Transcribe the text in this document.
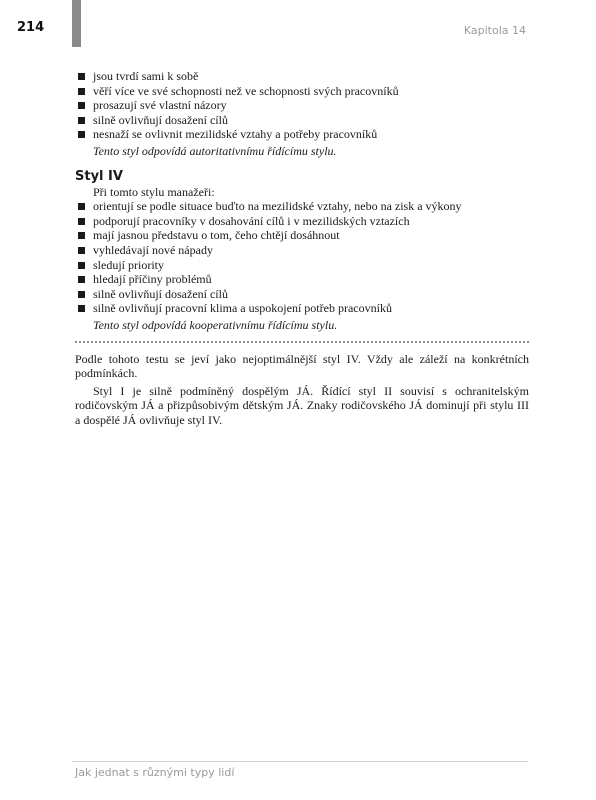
214	Kapitola 14
jsou tvrdí sami k sobě
věří více ve své schopnosti než ve schopnosti svých pracovníků
prosazují své vlastní názory
silně ovlivňují dosažení cílů
nesnaží se ovlivnit mezilidské vztahy a potřeby pracovníků
Tento styl odpovídá autoritativnímu řídícímu stylu.
Styl IV
Při tomto stylu manažeři:
orientují se podle situace buďto na mezilidské vztahy, nebo na zisk a výkony
podporují pracovníky v dosahování cílů i v mezilidských vztazích
mají jasnou představu o tom, čeho chtějí dosáhnout
vyhledávají nové nápady
sledují priority
hledají příčiny problémů
silně ovlivňují dosažení cílů
silně ovlivňují pracovní klima a uspokojení potřeb pracovníků
Tento styl odpovídá kooperativnímu řídícímu stylu.

Podle tohoto testu se jeví jako nejoptimálnější styl IV. Vždy ale záleží na konkrétních podmínkách.

Styl I je silně podmíněný dospělým JÁ. Řídící styl II souvisí s ochranitelským rodičovským JÁ a přizpůsobivým dětským JÁ. Znaky rodičovského JÁ dominují při stylu III a dospělé JÁ ovlivňuje styl IV.

Jak jednat s různými typy lidí
